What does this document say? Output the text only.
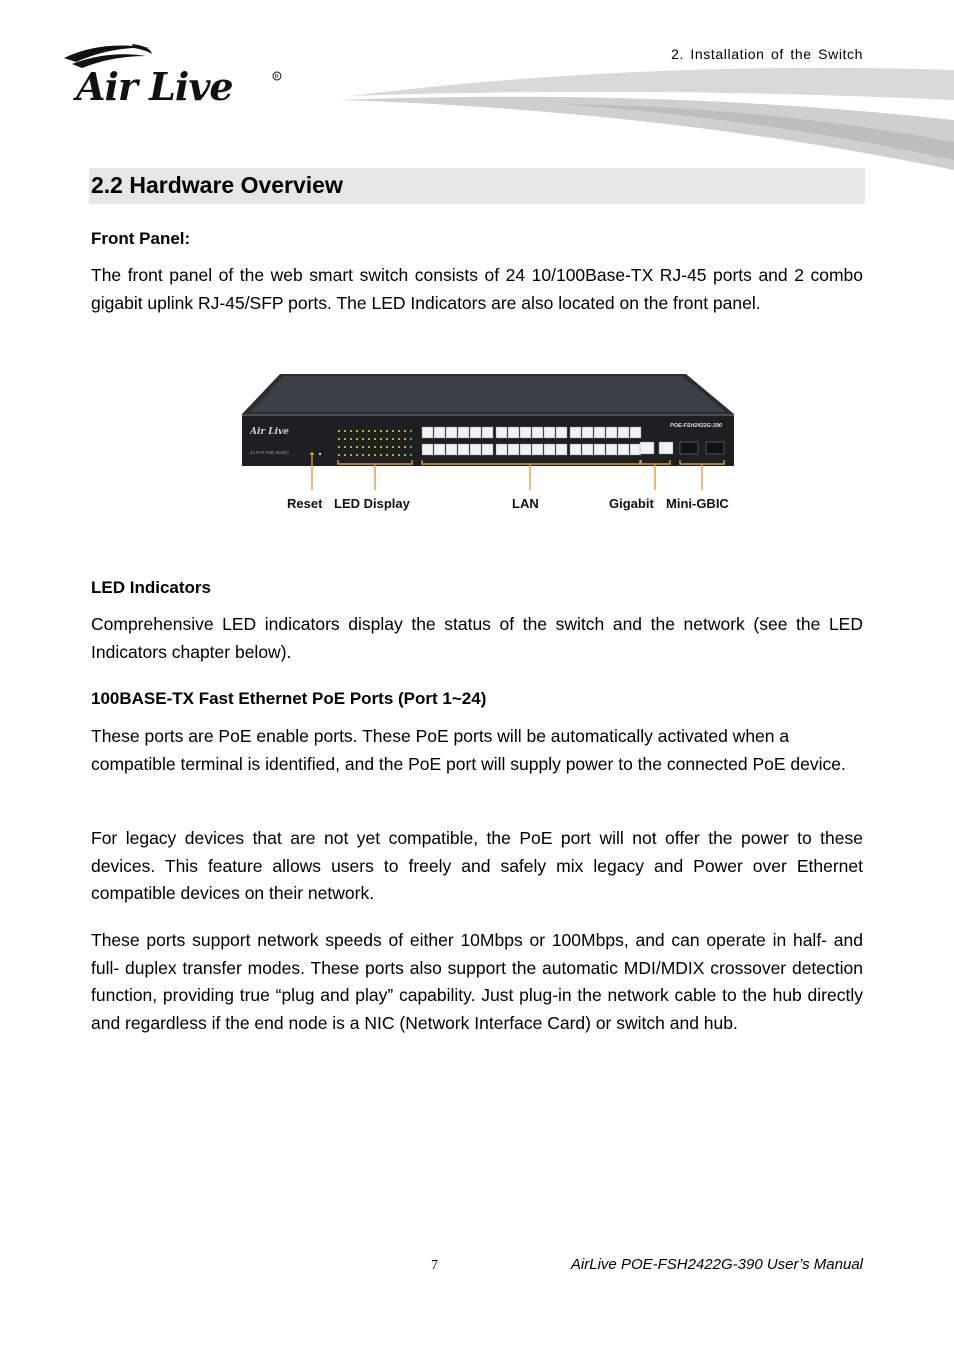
2. Installation of the Switch
Air Live	R
2.2 Hardware Overview
Front Panel:
The front panel of the web smart switch consists of 24 10/100Base-TX RJ-45 ports and 2 combo gigabit uplink RJ-45/SFP ports. The LED Indicators are also located on the front panel.
Air Live
24 Port PoE Switch
POE-FSH2422G-390
Reset LED Display	LAN	Gigabit Mini-GBIC
LED Indicators
Comprehensive LED indicators display the status of the switch and the network (see the LED Indicators chapter below).
100BASE-TX Fast Ethernet PoE Ports (Port 1~24)
These ports are PoE enable ports. These PoE ports will be automatically activated when a compatible terminal is identified, and the PoE port will supply power to the connected PoE device.
For legacy devices that are not yet compatible, the PoE port will not offer the power to these devices. This feature allows users to freely and safely mix legacy and Power over Ethernet compatible devices on their network.
These ports support network speeds of either 10Mbps or 100Mbps, and can operate in half- and full- duplex transfer modes. These ports also support the automatic MDI/MDIX crossover detection function, providing true “plug and play” capability. Just plug-in the network cable to the hub directly and regardless if the end node is a NIC (Network Interface Card) or switch and hub.
7	AirLive POE-FSH2422G-390 User’s Manual
